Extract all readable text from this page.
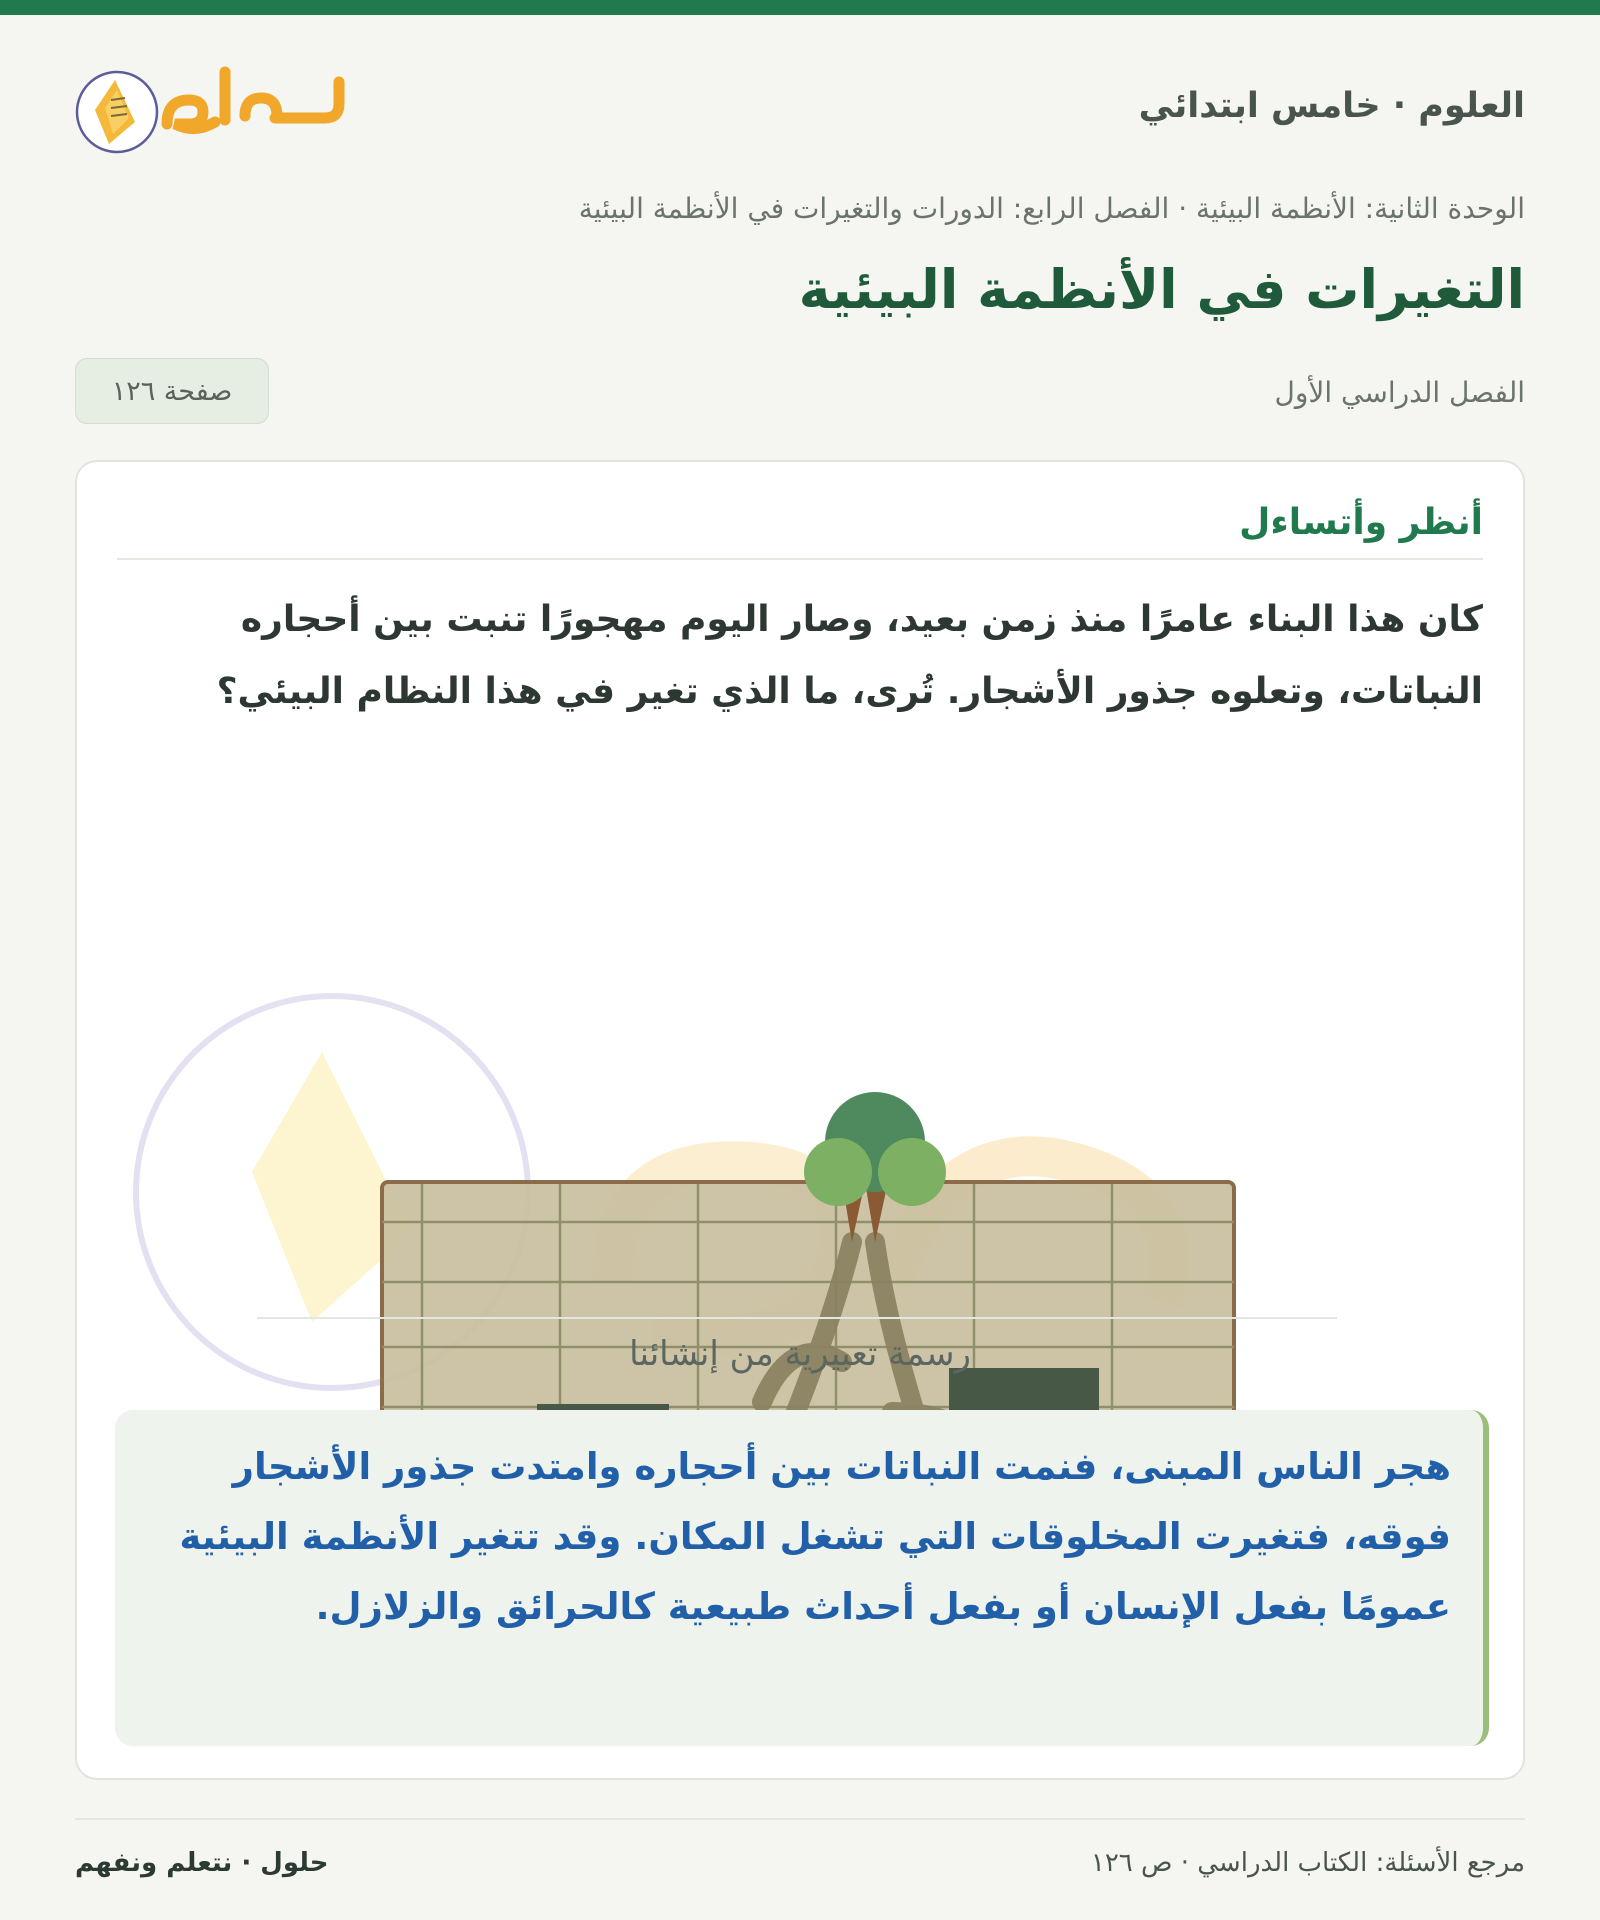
العلوم · خامس ابتدائي
حلول
الوحدة الثانية: الأنظمة البيئية · الفصل الرابع: الدورات والتغيرات في الأنظمة البيئية
التغيرات في الأنظمة البيئية
الفصل الدراسي الأول
صفحة ١٢٦
أنظر وأتساءل

كان هذا البناء عامرًا منذ زمن بعيد، وصار اليوم مهجورًا تنبت بين أحجاره النباتات، وتعلوه جذور الأشجار. تُرى، ما الذي تغير في هذا النظام البيئي؟

رسمة تعبيرية من إنشائنا

هجر الناس المبنى، فنمت النباتات بين أحجاره وامتدت جذور الأشجار فوقه، فتغيرت المخلوقات التي تشغل المكان. وقد تتغير الأنظمة البيئية عمومًا بفعل الإنسان أو بفعل أحداث طبيعية كالحرائق والزلازل.

مرجع الأسئلة: الكتاب الدراسي · ص ١٢٦
حلول · نتعلم ونفهم
